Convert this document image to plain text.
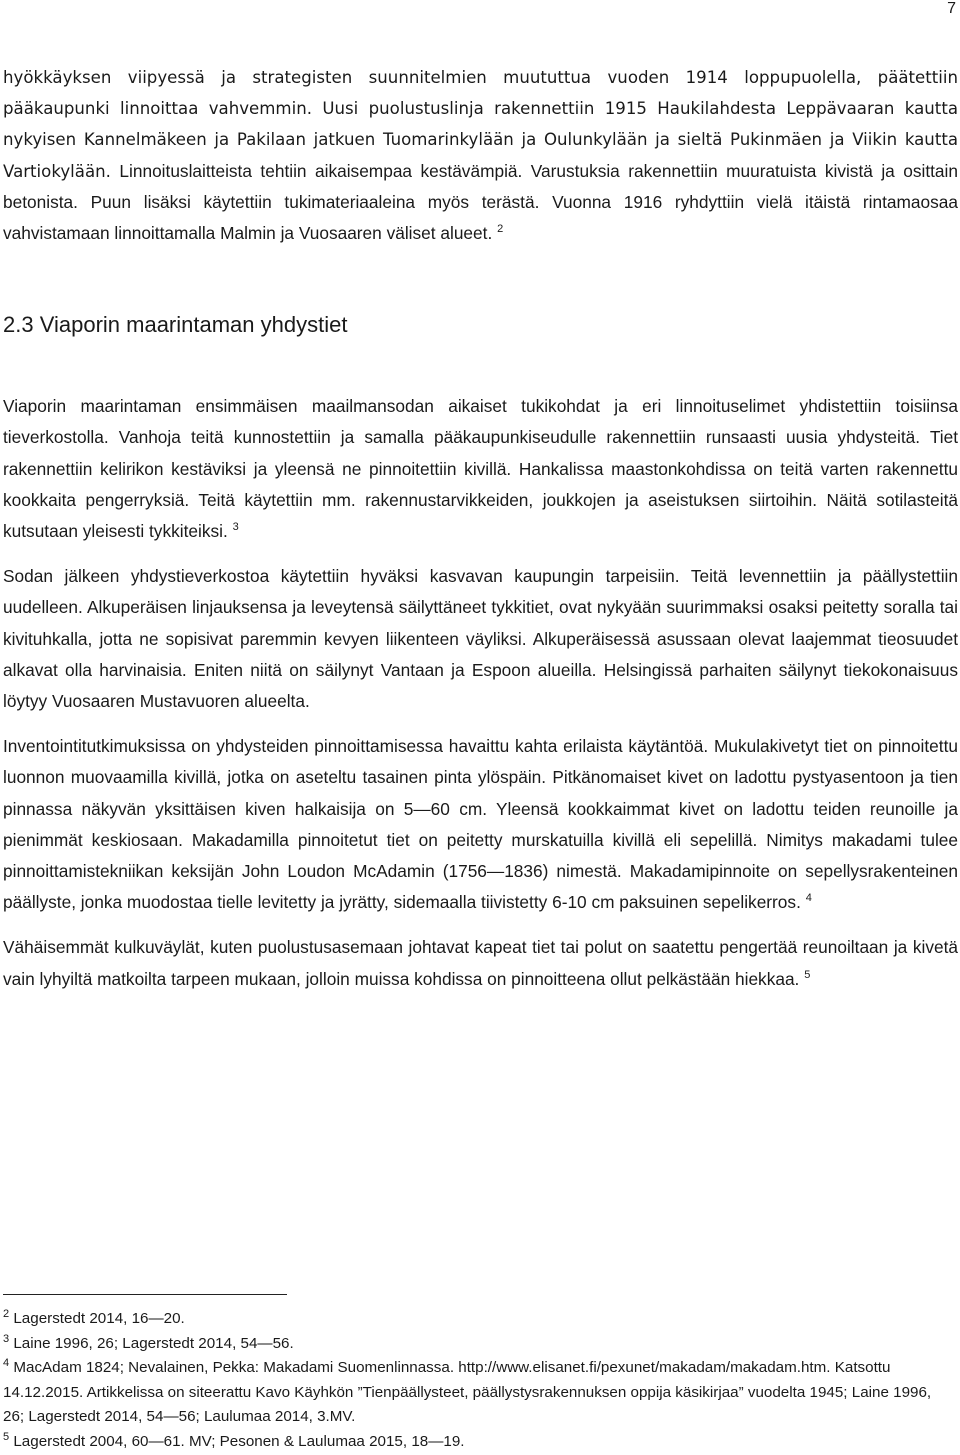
7

hyökkäyksen viipyessä ja strategisten suunnitelmien muututtua vuoden 1914 loppupuolella, päätettiin pääkaupunki linnoittaa vahvemmin. Uusi puolustuslinja rakennettiin 1915 Haukilahdesta Leppävaaran kautta nykyisen Kannelmäkeen ja Pakilaan jatkuen Tuomarinkylään ja Oulunkylään ja sieltä Pukinmäen ja Viikin kautta Vartiokylään. Linnoituslaitteista tehtiin aikaisempaa kestävämpiä. Varustuksia rakennettiin muuratuista kivistä ja osittain betonista. Puun lisäksi käytettiin tukimateriaaleina myös terästä. Vuonna 1916 ryhdyttiin vielä itäistä rintamaosaa vahvistamaan linnoittamalla Malmin ja Vuosaaren väliset alueet. $^2$

2.3 Viaporin maarintaman yhdystiet

Viaporin maarintaman ensimmäisen maailmansodan aikaiset tukikohdat ja eri linnoituselimet yhdistettiin toisiinsa tieverkostolla. Vanhoja teitä kunnostettiin ja samalla pääkaupunkiseudulle rakennettiin runsaasti uusia yhdysteitä. Tiet rakennettiin kelirikon kestäviksi ja yleensä ne pinnoitettiin kivillä. Hankalissa maastonkohdissa on teitä varten rakennettu kookkaita pengerryksiä. Teitä käytettiin mm. rakennustarvikkeiden, joukkojen ja aseistuksen siirtoihin. Näitä sotilasteitä kutsutaan yleisesti tykkiteiksi. $^3$

Sodan jälkeen yhdystieverkostoa käytettiin hyväksi kasvavan kaupungin tarpeisiin. Teitä levennettiin ja päällystettiin uudelleen. Alkuperäisen linjauksensa ja leveytensä säilyttäneet tykkitiet, ovat nykyään suurimmaksi osaksi peitetty soralla tai kivituhkalla, jotta ne sopisivat paremmin kevyen liikenteen väyliksi. Alkuperäisessä asussaan olevat laajemmat tieosuudet alkavat olla harvinaisia. Eniten niitä on säilynyt Vantaan ja Espoon alueilla. Helsingissä parhaiten säilynyt tiekokonaisuus löytyy Vuosaaren Mustavuoren alueelta.

Inventointitutkimuksissa on yhdysteiden pinnoittamisessa havaittu kahta erilaista käytäntöä. Mukulakivetyt tiet on pinnoitettu luonnon muovaamilla kivillä, jotka on aseteltu tasainen pinta ylöspäin. Pitkänomaiset kivet on ladottu pystyasentoon ja tien pinnassa näkyvän yksittäisen kiven halkaisija on 5—60 cm. Yleensä kookkaimmat kivet on ladottu teiden reunoille ja pienimmät keskiosaan. Makadamilla pinnoitetut tiet on peitetty murskatuilla kivillä eli sepelillä. Nimitys makadami tulee pinnoittamistekniikan keksijän John Loudon McAdamin (1756—1836) nimestä. Makadamipinnoite on sepellysrakenteinen päällyste, jonka muodostaa tielle levitetty ja jyrätty, sidemaalla tiivistetty 6-10 cm paksuinen sepelikerros. $^4$

Vähäisemmät kulkuväylät, kuten puolustusasemaan johtavat kapeat tiet tai polut on saatettu pengertää reunoiltaan ja kivetä vain lyhyiltä matkoilta tarpeen mukaan, jolloin muissa kohdissa on pinnoitteena ollut pelkästään hiekkaa. $^5$

$^2$ Lagerstedt 2014, 16—20.

$^3$ Laine 1996, 26; Lagerstedt 2014, 54—56.

$^4$ MacAdam 1824; Nevalainen, Pekka: Makadami Suomenlinnassa. http://www.elisanet.fi/pexunet/makadam/makadam.htm. Katsottu 14.12.2015. Artikkelissa on siteerattu Kavo Käyhkön ”Tienpäällysteet, päällystysrakennuksen oppija käsikirjaa” vuodelta 1945; Laine 1996, 26; Lagerstedt 2014, 54—56; Laulumaa 2014, 3.MV.

$^5$ Lagerstedt 2004, 60—61. MV; Pesonen & Laulumaa 2015, 18—19.
